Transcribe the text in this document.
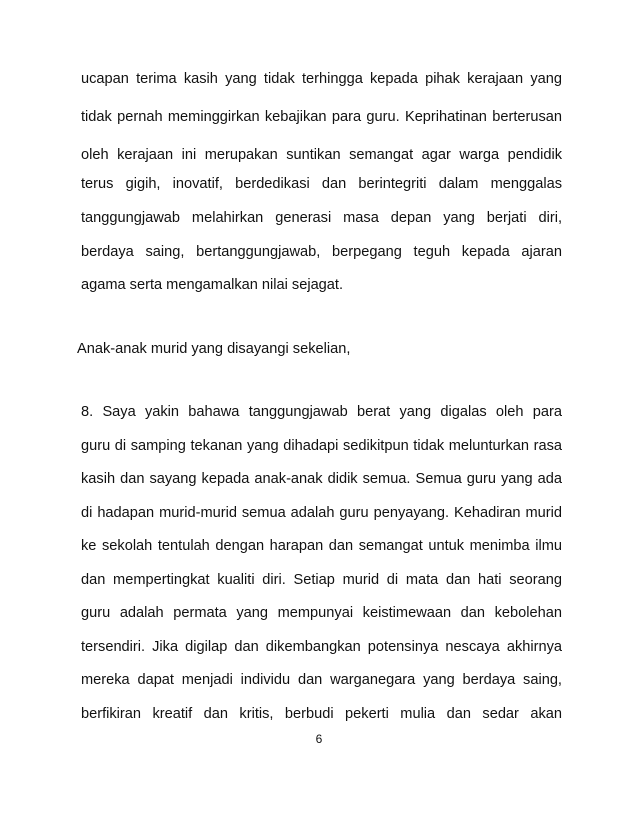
ucapan terima kasih yang tidak terhingga kepada pihak kerajaan yang
tidak pernah meminggirkan kebajikan para guru. Keprihatinan berterusan
oleh kerajaan ini merupakan suntikan semangat agar warga pendidik
terus gigih, inovatif, berdedikasi dan berintegriti dalam menggalas
tanggungjawab melahirkan generasi masa depan yang berjati diri,
berdaya saing, bertanggungjawab, berpegang teguh kepada ajaran
agama serta mengamalkan nilai sejagat.
Anak-anak murid yang disayangi sekelian,
8. Saya yakin bahawa tanggungjawab berat yang digalas oleh para
guru di samping tekanan yang dihadapi sedikitpun tidak melunturkan rasa
kasih dan sayang kepada anak-anak didik semua. Semua guru yang ada
di hadapan murid-murid semua adalah guru penyayang. Kehadiran murid
ke sekolah tentulah dengan harapan dan semangat untuk menimba ilmu
dan mempertingkat kualiti diri. Setiap murid di mata dan hati seorang
guru adalah permata yang mempunyai keistimewaan dan kebolehan
tersendiri. Jika digilap dan dikembangkan potensinya nescaya akhirnya
mereka dapat menjadi individu dan warganegara yang berdaya saing,
berfikiran kreatif dan kritis, berbudi pekerti mulia dan sedar akan
6
